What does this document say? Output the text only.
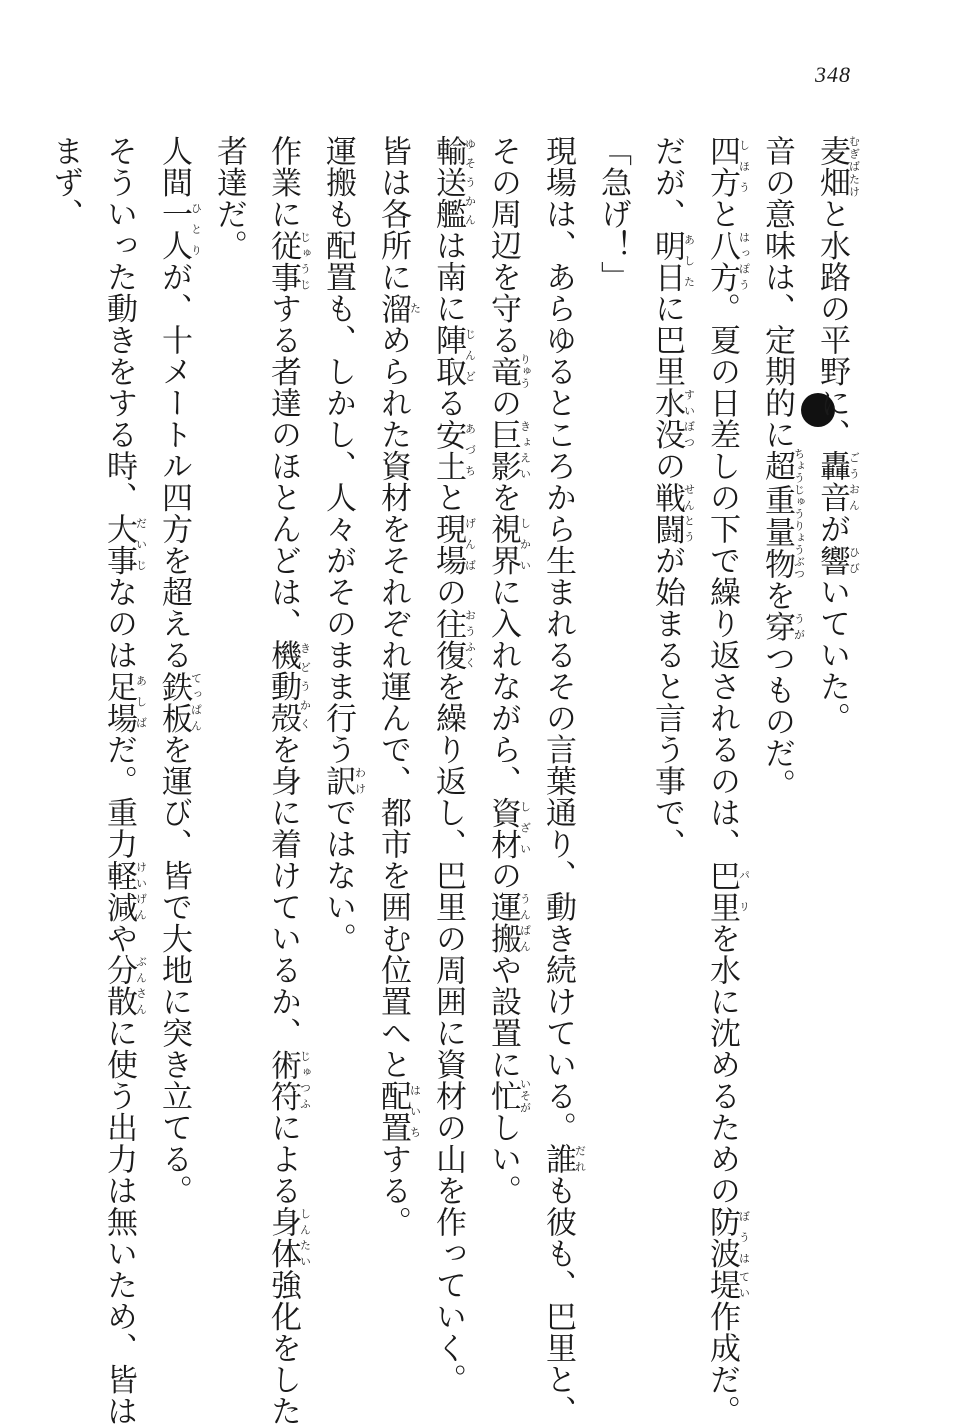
348
麦畑むぎばたけと水路の平野に、轟音ごうおんが響ひびいていた。
音の意味は、定期的に超ちょう重量物じゅうりょうぶつを穿うがつものだ。
四方しほうと八方はっぽう。夏の日差しの下で繰り返されるのは、巴里パリを水に沈めるための防波ぼうは堤てい作成だ。
だが、明日あしたに巴里水没すいぼつの戦闘せんとうが始まると言う事で、
「急げ！」
現場は、あらゆるところから生まれるその言葉通り、動き続けている。誰だれも彼も、巴里と、
その周辺を守る竜りゅうの巨影きょえいを視界しかいに入れながら、資材しざいの運搬うんぱんや設置に忙いそがしい。
輸送艦ゆそうかんは南に陣取じんどる安土あづちと現場げんばの往復おうふくを繰り返し、巴里の周囲に資材の山を作っていく。
皆は各所に溜ためられた資材をそれぞれ運んで、都市を囲む位置へと配置はいちする。
運搬も配置も、しかし、人々がそのまま行う訳わけではない。
作業に従事じゅうじする者達のほとんどは、機動殻きどうかくを身に着けているか、術符じゅつふによる身体しんたい強化をした
者達だ。
人間一人ひとりが、十メートル四方を超える鉄板てっぱんを運び、皆で大地に突き立てる。
そういった動きをする時、大事だいじなのは足場あしばだ。重力軽減けいげんや分散ぶんさんに使う出力は無いため、皆は
まず、
